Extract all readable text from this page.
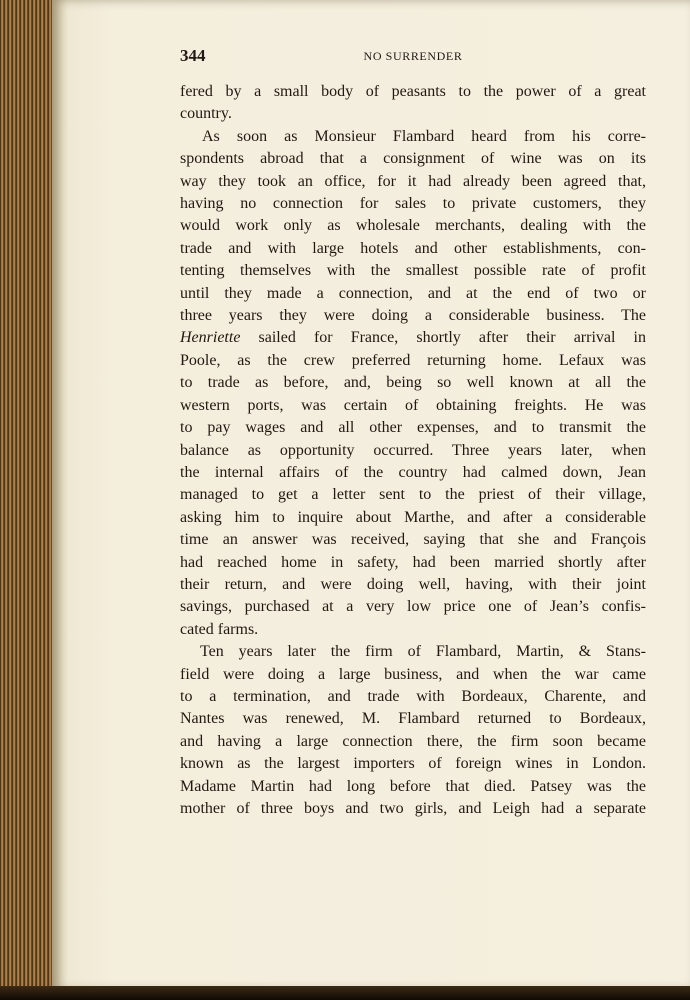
344	NO SURRENDER
fered by a small body of peasants to the power of a great
country.
As soon as Monsieur Flambard heard from his corre-
spondents abroad that a consignment of wine was on its
way they took an office, for it had already been agreed that,
having no connection for sales to private customers, they
would work only as wholesale merchants, dealing with the
trade and with large hotels and other establishments, con-
tenting themselves with the smallest possible rate of profit
until they made a connection, and at the end of two or
three years they were doing a considerable business. The
Henriette sailed for France, shortly after their arrival in
Poole, as the crew preferred returning home. Lefaux was
to trade as before, and, being so well known at all the
western ports, was certain of obtaining freights. He was
to pay wages and all other expenses, and to transmit the
balance as opportunity occurred. Three years later, when
the internal affairs of the country had calmed down, Jean
managed to get a letter sent to the priest of their village,
asking him to inquire about Marthe, and after a considerable
time an answer was received, saying that she and François
had reached home in safety, had been married shortly after
their return, and were doing well, having, with their joint
savings, purchased at a very low price one of Jean’s confis-
cated farms.
Ten years later the firm of Flambard, Martin, & Stans-
field were doing a large business, and when the war came
to a termination, and trade with Bordeaux, Charente, and
Nantes was renewed, M. Flambard returned to Bordeaux,
and having a large connection there, the firm soon became
known as the largest importers of foreign wines in London.
Madame Martin had long before that died. Patsey was the
mother of three boys and two girls, and Leigh had a separate
